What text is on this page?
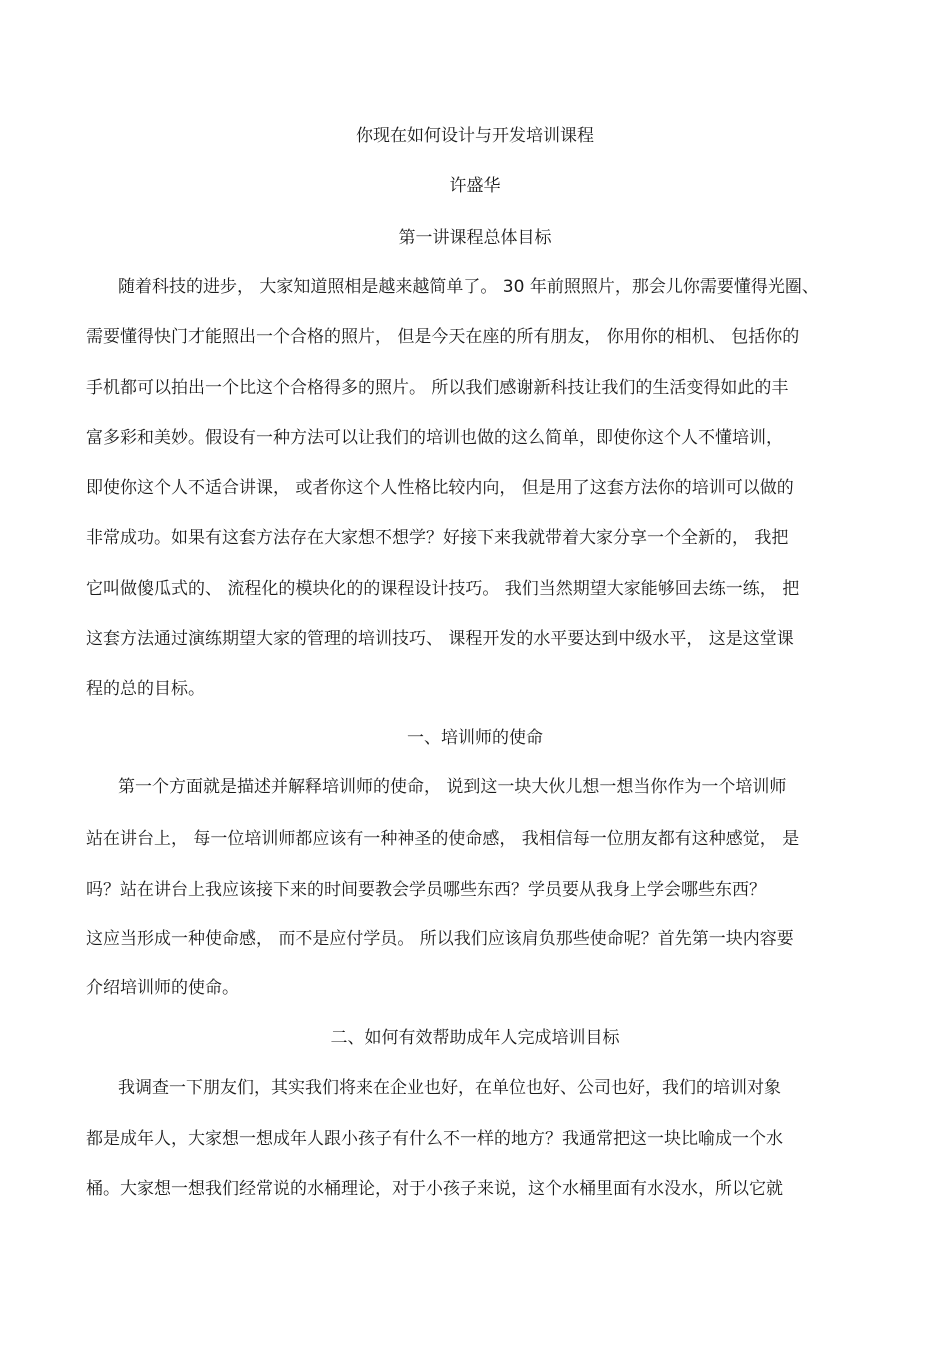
你现在如何设计与开发培训课程
许盛华
第一讲课程总体目标
随着科技的进步， 大家知道照相是越来越简单了。 30 年前照照片，那会儿你需要懂得光圈、
需要懂得快门才能照出一个合格的照片， 但是今天在座的所有朋友， 你用你的相机、 包括你的
手机都可以拍出一个比这个合格得多的照片。 所以我们感谢新科技让我们的生活变得如此的丰
富多彩和美妙。假设有一种方法可以让我们的培训也做的这么简单，即使你这个人不懂培训，
即使你这个人不适合讲课， 或者你这个人性格比较内向， 但是用了这套方法你的培训可以做的
非常成功。如果有这套方法存在大家想不想学？好接下来我就带着大家分享一个全新的， 我把
它叫做傻瓜式的、 流程化的模块化的的课程设计技巧。 我们当然期望大家能够回去练一练， 把
这套方法通过演练期望大家的管理的培训技巧、 课程开发的水平要达到中级水平， 这是这堂课
程的总的目标。
一、培训师的使命
第一个方面就是描述并解释培训师的使命， 说到这一块大伙儿想一想当你作为一个培训师
站在讲台上， 每一位培训师都应该有一种神圣的使命感， 我相信每一位朋友都有这种感觉， 是
吗？站在讲台上我应该接下来的时间要教会学员哪些东西？学员要从我身上学会哪些东西？
这应当形成一种使命感， 而不是应付学员。 所以我们应该肩负那些使命呢？首先第一块内容要
介绍培训师的使命。
二、如何有效帮助成年人完成培训目标
我调查一下朋友们，其实我们将来在企业也好，在单位也好、公司也好，我们的培训对象
都是成年人，大家想一想成年人跟小孩子有什么不一样的地方？我通常把这一块比喻成一个水
桶。大家想一想我们经常说的水桶理论，对于小孩子来说，这个水桶里面有水没水，所以它就
